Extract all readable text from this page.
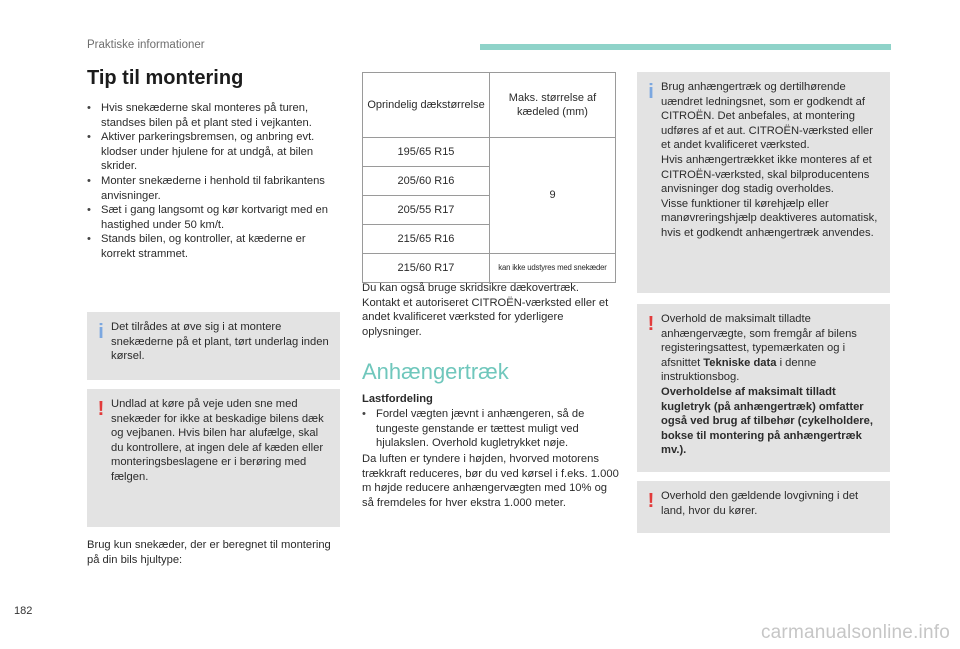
Praktiske informationer
Tip til montering
• Hvis snekæderne skal monteres på turen, standses bilen på et plant sted i vejkanten.
• Aktiver parkeringsbremsen, og anbring evt. klodser under hjulene for at undgå, at bilen skrider.
• Monter snekæderne i henhold til fabrikantens anvisninger.
• Sæt i gang langsomt og kør kortvarigt med en hastighed under 50 km/t.
• Stands bilen, og kontroller, at kæderne er korrekt strammet.
i Det tilrådes at øve sig i at montere snekæderne på et plant, tørt underlag inden kørsel.
! Undlad at køre på veje uden sne med snekæder for ikke at beskadige bilens dæk og vejbanen. Hvis bilen har alufælge, skal du kontrollere, at ingen dele af kæden eller monteringsbeslagene er i berøring med fælgen.
Brug kun snekæder, der er beregnet til montering på din bils hjultype:
Oprindelig dækstørrelse	Maks. størrelse af kædeled (mm)
195/65 R15	9
205/60 R16	
205/55 R17	
215/65 R16	
215/60 R17	kan ikke udstyres med snekæder
Du kan også bruge skridsikre dækovertræk. Kontakt et autoriseret CITROËN-værksted eller et andet kvalificeret værksted for yderligere oplysninger.
Anhængertræk
Lastfordeling
• Fordel vægten jævnt i anhængeren, så de tungeste genstande er tættest muligt ved hjulakslen. Overhold kugletrykket nøje.
Da luften er tyndere i højden, hvorved motorens trækkraft reduceres, bør du ved kørsel i f.eks. 1.000 m højde reducere anhængervægten med 10% og så fremdeles for hver ekstra 1.000 meter.
i Brug anhængertræk og dertilhørende uændret ledningsnet, som er godkendt af CITROËN. Det anbefales, at montering udføres af et aut. CITROËN-værksted eller et andet kvalificeret værksted.
Hvis anhængertrækket ikke monteres af et CITROËN-værksted, skal bilproducentens anvisninger dog stadig overholdes.
Visse funktioner til kørehjælp eller manøvreringshjælp deaktiveres automatisk, hvis et godkendt anhængertræk anvendes.
! Overhold de maksimalt tilladte anhængervægte, som fremgår af bilens registeringsattest, typemærkaten og i afsnittet Tekniske data i denne instruktionsbog.
Overholdelse af maksimalt tilladt kugletryk (på anhængertræk) omfatter også ved brug af tilbehør (cykelholdere, bokse til montering på anhængertræk mv.).
! Overhold den gældende lovgivning i det land, hvor du kører.
182
carmanualsonline.info
